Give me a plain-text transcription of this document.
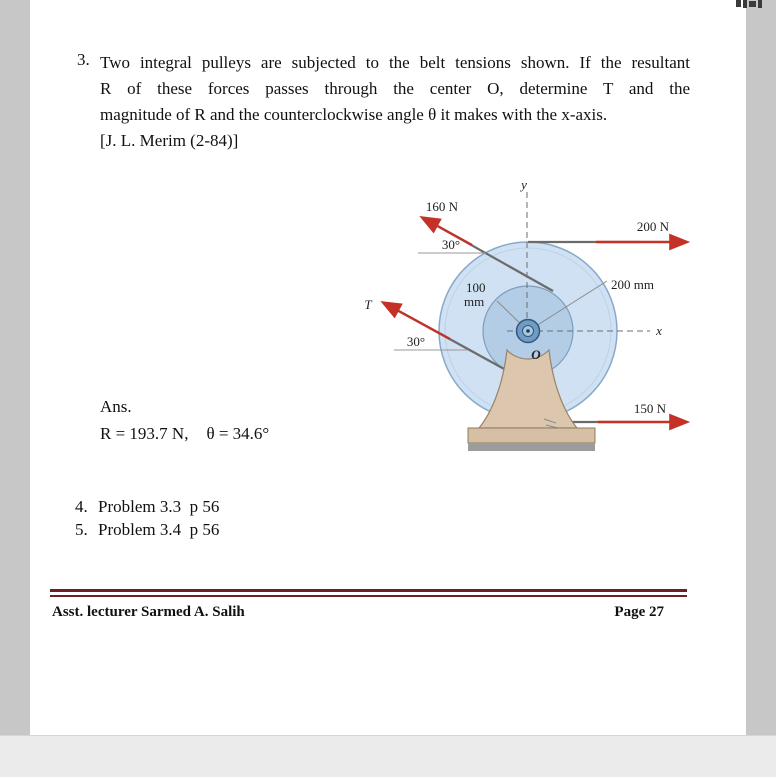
3. Two integral pulleys are subjected to the belt tensions shown. If the resultant
R of these forces passes through the center O, determine T and the
magnitude of R and the counterclockwise angle θ it makes with the x-axis.
[J. L. Merim (2-84)]
160 N
200 N
150 N
T
30°
30°
200 mm
100
mm
y
x
O
Ans.
R = 193.7 N, θ = 34.6°
4. Problem 3.3  p 56
5. Problem 3.4  p 56
Asst. lecturer Sarmed A. Salih	Page 27
